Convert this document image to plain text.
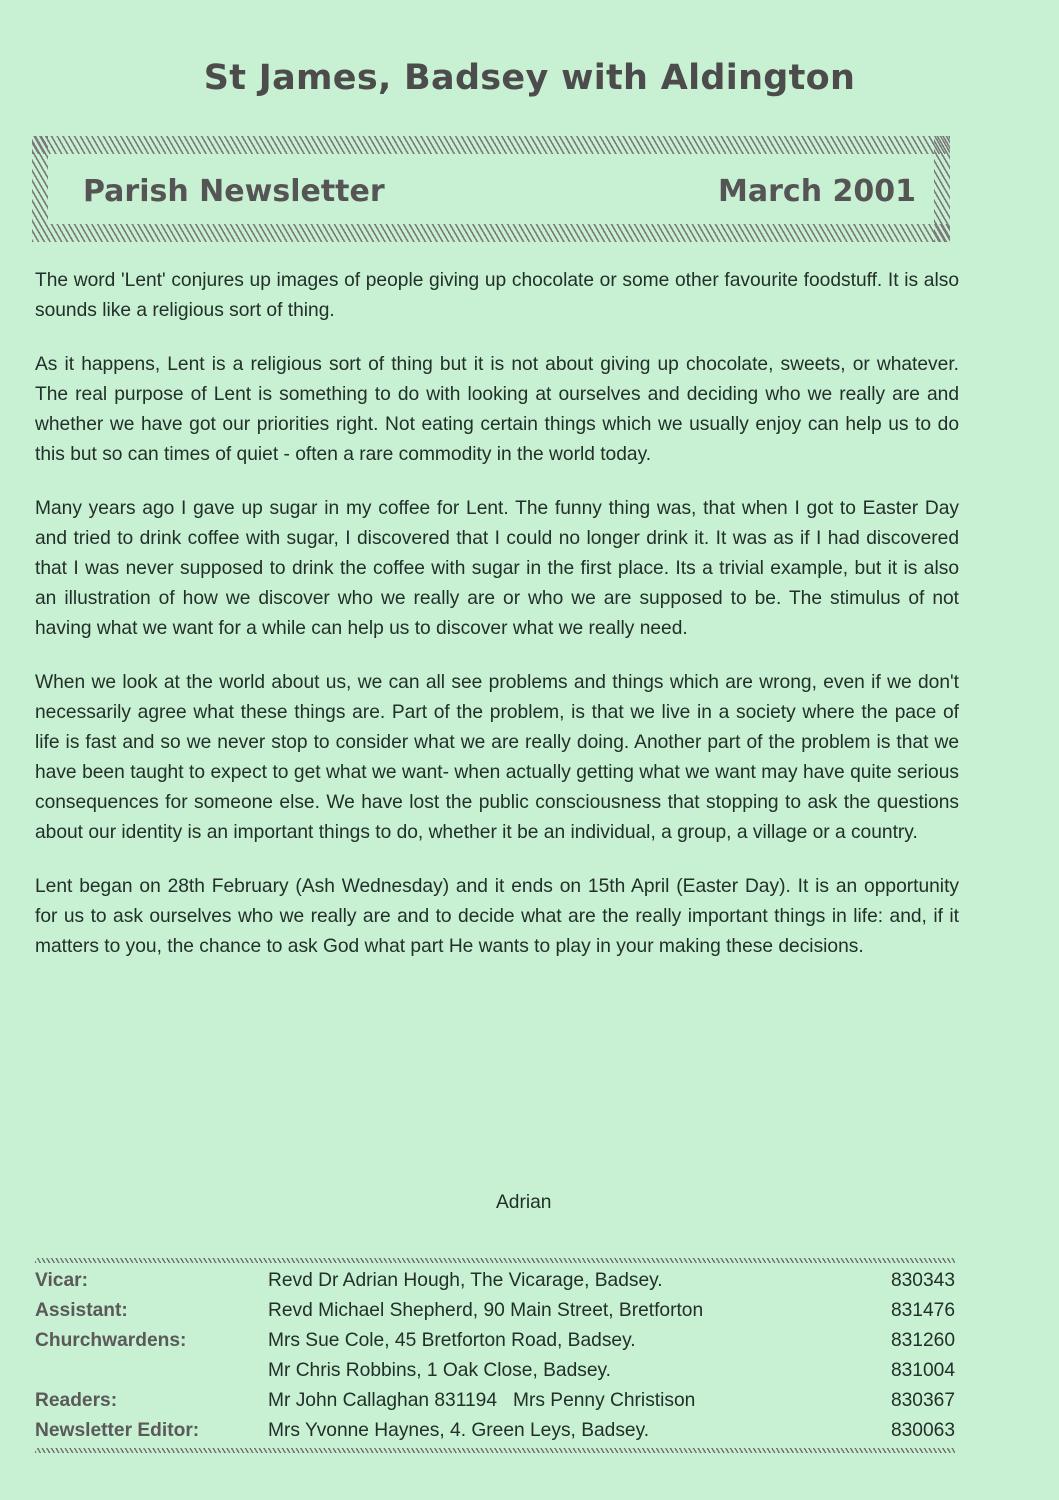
St James, Badsey with Aldington
Parish Newsletter	March 2001

The word 'Lent' conjures up images of people giving up chocolate or some other favourite foodstuff. It is also sounds like a religious sort of thing.

As it happens, Lent is a religious sort of thing but it is not about giving up chocolate, sweets, or whatever. The real purpose of Lent is something to do with looking at ourselves and deciding who we really are and whether we have got our priorities right. Not eating certain things which we usually enjoy can help us to do this but so can times of quiet - often a rare commodity in the world today.

Many years ago I gave up sugar in my coffee for Lent. The funny thing was, that when I got to Easter Day and tried to drink coffee with sugar, I discovered that I could no longer drink it. It was as if I had discovered that I was never supposed to drink the coffee with sugar in the first place. Its a trivial example, but it is also an illustration of how we discover who we really are or who we are supposed to be. The stimulus of not having what we want for a while can help us to discover what we really need.

When we look at the world about us, we can all see problems and things which are wrong, even if we don't necessarily agree what these things are. Part of the problem, is that we live in a society where the pace of life is fast and so we never stop to consider what we are really doing. Another part of the problem is that we have been taught to expect to get what we want- when actually getting what we want may have quite serious consequences for someone else. We have lost the public consciousness that stopping to ask the questions about our identity is an important things to do, whether it be an individual, a group, a village or a country.

Lent began on 28th February (Ash Wednesday) and it ends on 15th April (Easter Day). It is an opportunity for us to ask ourselves who we really are and to decide what are the really important things in life: and, if it matters to you, the chance to ask God what part He wants to play in your making these decisions.

Adrian
Vicar:	Revd Dr Adrian Hough, The Vicarage, Badsey.	830343
Assistant:	Revd Michael Shepherd, 90 Main Street, Bretforton	831476
Churchwardens:	Mrs Sue Cole, 45 Bretforton Road, Badsey.	831260
	Mr Chris Robbins, 1 Oak Close, Badsey.	831004
Readers:	Mr John Callaghan 831194   Mrs Penny Christison	830367
Newsletter Editor:	Mrs Yvonne Haynes, 4. Green Leys, Badsey.	830063
